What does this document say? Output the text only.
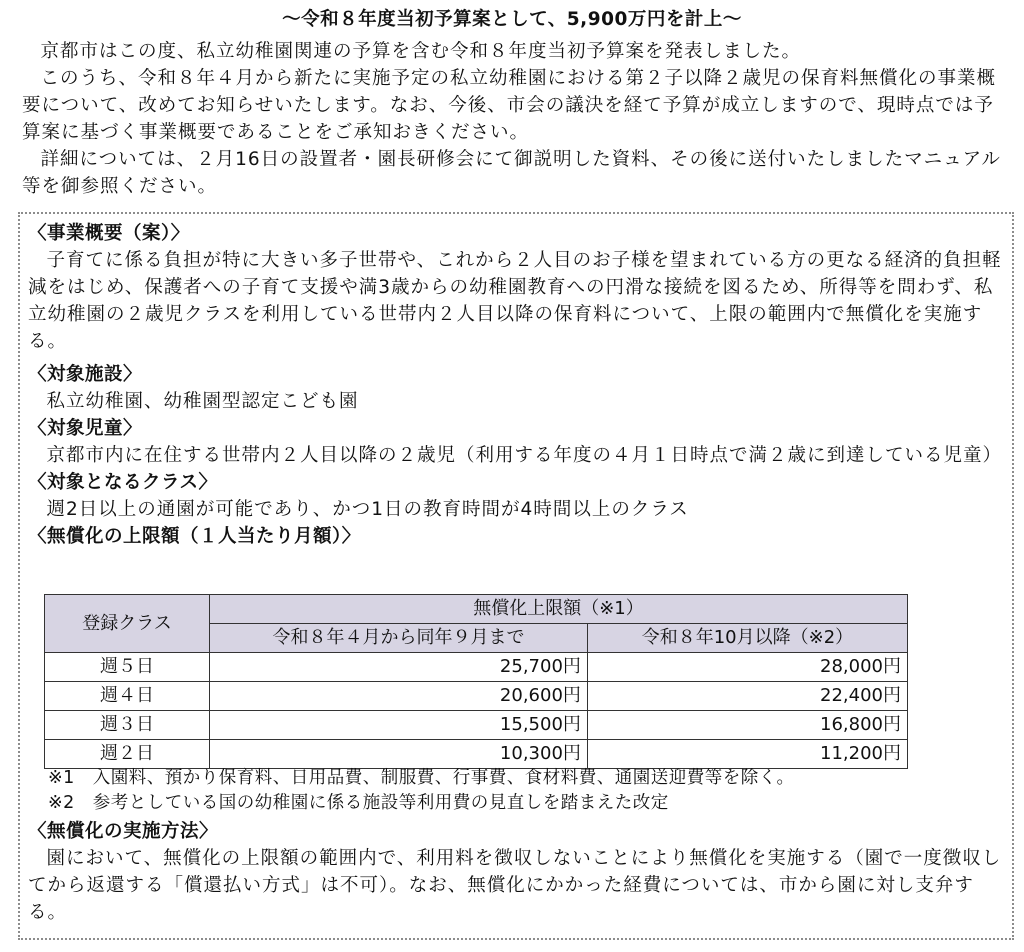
〜令和８年度当初予算案として、5,900万円を計上〜

京都市はこの度、私立幼稚園関連の予算を含む令和８年度当初予算案を発表しました。

このうち、令和８年４月から新たに実施予定の私立幼稚園における第２子以降２歳児の保育料無償化の事業概要について、改めてお知らせいたします。なお、今後、市会の議決を経て予算が成立しますので、現時点では予算案に基づく事業概要であることをご承知おきください。

詳細については、２月16日の設置者・園長研修会にて御説明した資料、その後に送付いたしましたマニュアル等を御参照ください。

〈事業概要（案）〉

子育てに係る負担が特に大きい多子世帯や、これから２人目のお子様を望まれている方の更なる経済的負担軽減をはじめ、保護者への子育て支援や満3歳からの幼稚園教育への円滑な接続を図るため、所得等を問わず、私立幼稚園の２歳児クラスを利用している世帯内２人目以降の保育料について、上限の範囲内で無償化を実施する。

〈対象施設〉

私立幼稚園、幼稚園型認定こども園

〈対象児童〉

京都市内に在住する世帯内２人目以降の２歳児（利用する年度の４月１日時点で満２歳に到達している児童）

〈対象となるクラス〉

週2日以上の通園が可能であり、かつ1日の教育時間が4時間以上のクラス

〈無償化の上限額（１人当たり月額）〉

登録クラス	無償化上限額（※1）	
	令和８年４月から同年９月まで	令和８年10月以降（※2）
週５日	25,700円	28,000円
週４日	20,600円	22,400円
週３日	15,500円	16,800円
週２日	10,300円	11,200円

※1　入園料、預かり保育料、日用品費、制服費、行事費、食材料費、通園送迎費等を除く。

※2　参考としている国の幼稚園に係る施設等利用費の見直しを踏まえた改定

〈無償化の実施方法〉

園において、無償化の上限額の範囲内で、利用料を徴収しないことにより無償化を実施する（園で一度徴収してから返還する「償還払い方式」は不可）。なお、無償化にかかった経費については、市から園に対し支弁する。
